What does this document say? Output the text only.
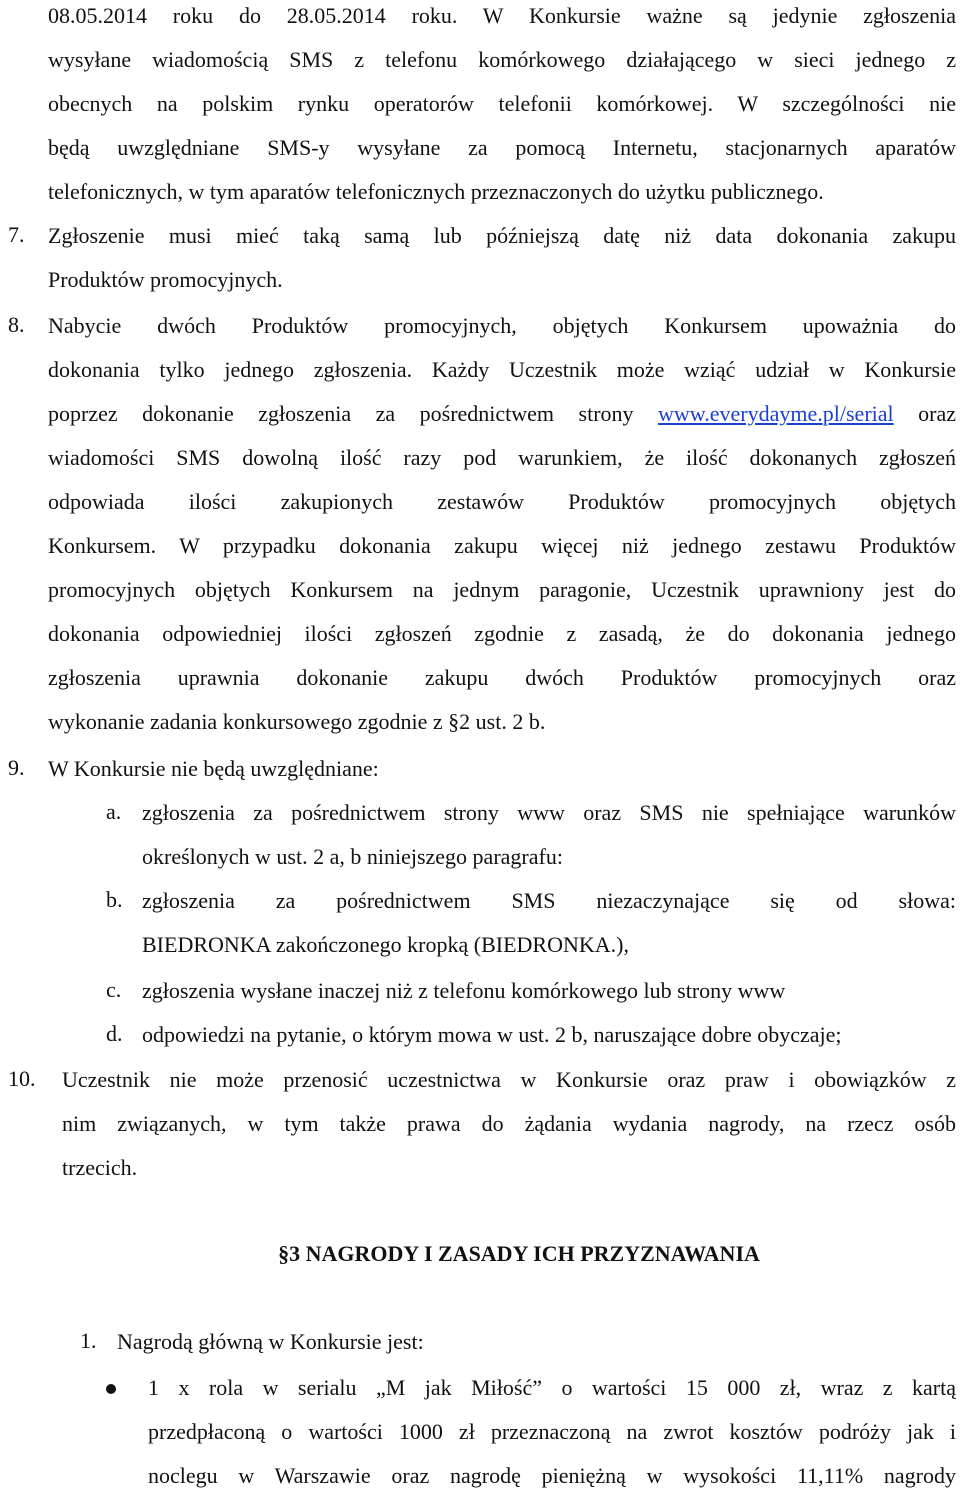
08.05.2014 roku do 28.05.2014 roku. W Konkursie ważne są jedynie zgłoszenia
wysyłane wiadomością SMS z telefonu komórkowego działającego w sieci jednego z
obecnych na polskim rynku operatorów telefonii komórkowej. W szczególności nie
będą uwzględniane SMS-y wysyłane za pomocą Internetu, stacjonarnych aparatów
telefonicznych, w tym aparatów telefonicznych przeznaczonych do użytku publicznego.
7. Zgłoszenie musi mieć taką samą lub późniejszą datę niż data dokonania zakupu
Produktów promocyjnych.
8. Nabycie dwóch Produktów promocyjnych, objętych Konkursem upoważnia do
dokonania tylko jednego zgłoszenia. Każdy Uczestnik może wziąć udział w Konkursie
poprzez dokonanie zgłoszenia za pośrednictwem strony www.everydayme.pl/serial oraz
wiadomości SMS dowolną ilość razy pod warunkiem, że ilość dokonanych zgłoszeń
odpowiada ilości zakupionych zestawów Produktów promocyjnych objętych
Konkursem. W przypadku dokonania zakupu więcej niż jednego zestawu Produktów
promocyjnych objętych Konkursem na jednym paragonie, Uczestnik uprawniony jest do
dokonania odpowiedniej ilości zgłoszeń zgodnie z zasadą, że do dokonania jednego
zgłoszenia uprawnia dokonanie zakupu dwóch Produktów promocyjnych oraz
wykonanie zadania konkursowego zgodnie z §2 ust. 2 b.
9. W Konkursie nie będą uwzględniane:
a. zgłoszenia za pośrednictwem strony www oraz SMS nie spełniające warunków
określonych w ust. 2 a, b niniejszego paragrafu:
b. zgłoszenia za pośrednictwem SMS niezaczynające się od słowa:
BIEDRONKA zakończonego kropką (BIEDRONKA.),
c. zgłoszenia wysłane inaczej niż z telefonu komórkowego lub strony www
d. odpowiedzi na pytanie, o którym mowa w ust. 2 b, naruszające dobre obyczaje;
10. Uczestnik nie może przenosić uczestnictwa w Konkursie oraz praw i obowiązków z
nim związanych, w tym także prawa do żądania wydania nagrody, na rzecz osób
trzecich.
§3 NAGRODY I ZASADY ICH PRZYZNAWANIA
1. Nagrodą główną w Konkursie jest:
1 x rola w serialu „M jak Miłość” o wartości 15 000 zł, wraz z kartą
przedpłaconą o wartości 1000 zł przeznaczoną na zwrot kosztów podróży jak i
noclegu w Warszawie oraz nagrodę pieniężną w wysokości 11,11% nagrody
